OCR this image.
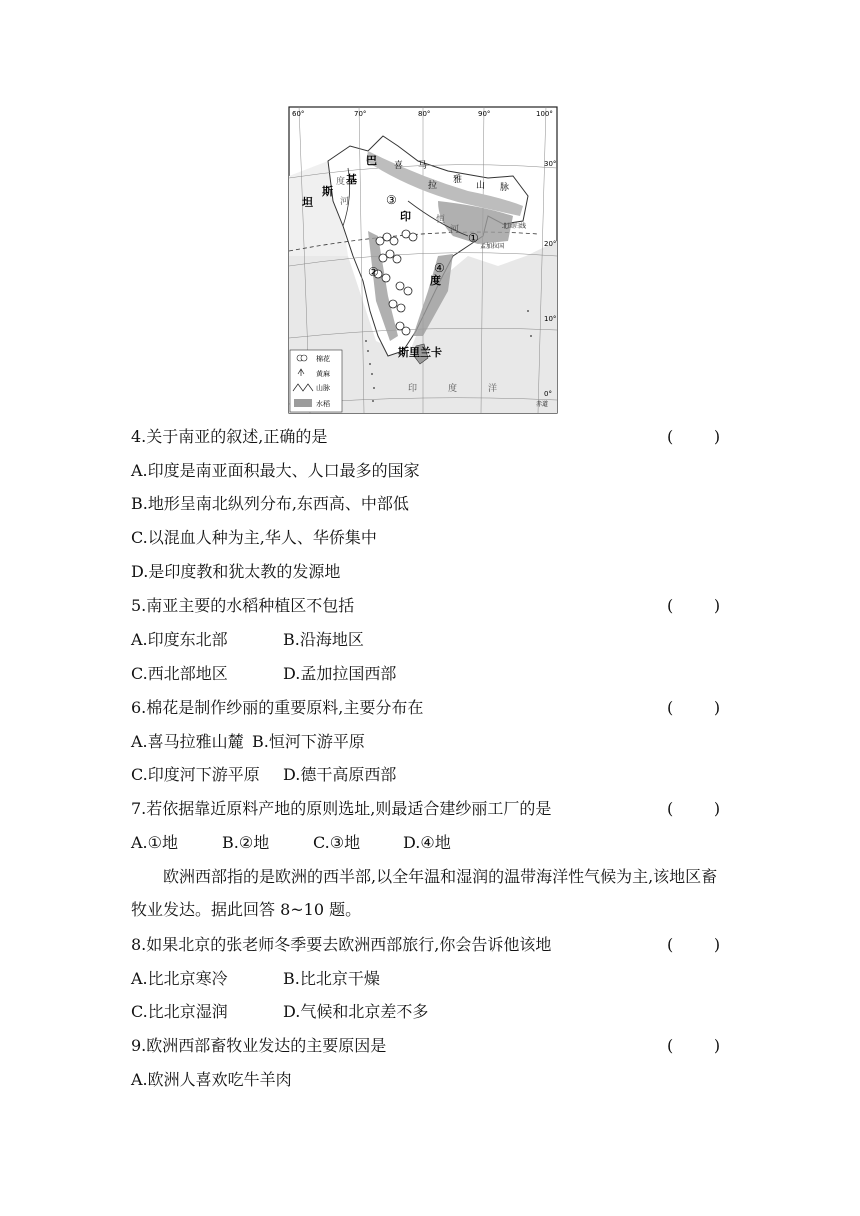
60°	70°	80°	90°	100°
30°
20°
10°
0°
巴
基
斯
坦
印
度
斯里兰卡
喜 马
拉
雅
山 脉
度
河
恒
河
印	度	洋
孟加拉国
北回归线
赤道
①
②
③
④
棉花
黄麻
山脉
水稻
4.关于南亚的叙述,正确的是	(        )
A.印度是南亚面积最大、人口最多的国家
B.地形呈南北纵列分布,东西高、中部低
C.以混血人种为主,华人、华侨集中
D.是印度教和犹太教的发源地
5.南亚主要的水稻种植区不包括	(        )
A.印度东北部	B.沿海地区
C.西北部地区	D.孟加拉国西部
6.棉花是制作纱丽的重要原料,主要分布在	(        )
A.喜马拉雅山麓 B.恒河下游平原
C.印度河下游平原 D.德干高原西部
7.若依据靠近原料产地的原则选址,则最适合建纱丽工厂的是	(        )
A.①地	B.②地	C.③地	D.④地
欧洲西部指的是欧洲的西半部,以全年温和湿润的温带海洋性气候为主,该地区畜牧业发达。据此回答 8~10 题。
8.如果北京的张老师冬季要去欧洲西部旅行,你会告诉他该地	(        )
A.比北京寒冷	B.比北京干燥
C.比北京湿润	D.气候和北京差不多
9.欧洲西部畜牧业发达的主要原因是	(        )
A.欧洲人喜欢吃牛羊肉
